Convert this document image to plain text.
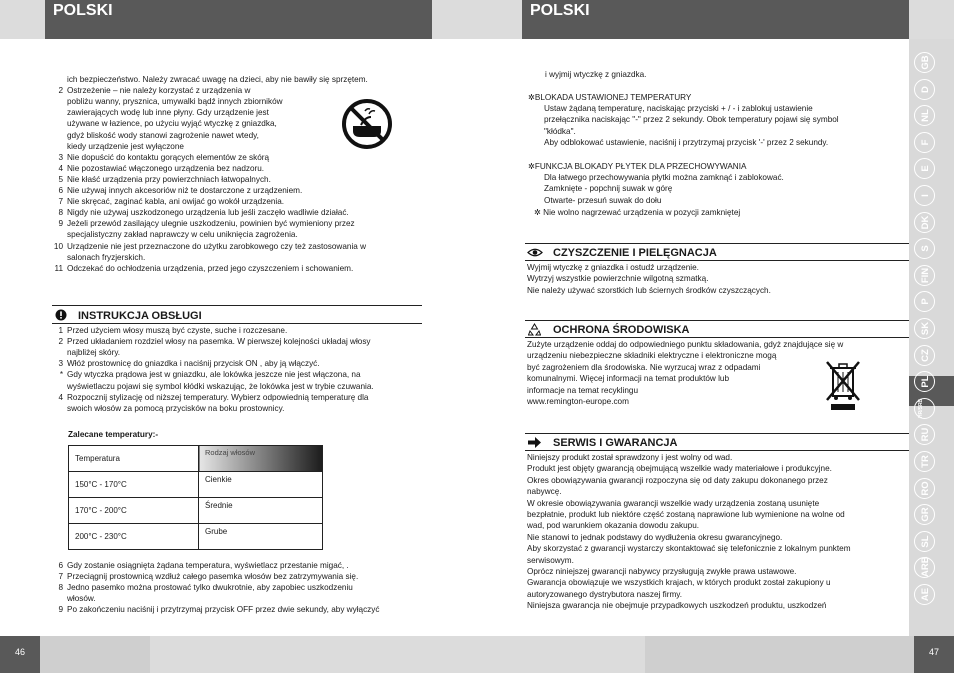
POLSKI	POLSKI
46	47
GB
D
NL
F
E
I
DK
S
FIN
P
SK
CZ
PL
HR/SRB
RU
TR
RO
GR
SL
ARB
AE
ich bezpieczeństwo. Należy zwracać uwagę na dzieci, aby nie bawiły się sprzętem.
2 Ostrzeżenie – nie należy korzystać z urządzenia w
pobliżu wanny, prysznica, umywalki bądź innych zbiorników
zawierających wodę lub inne płyny. Gdy urządzenie jest
używane w łazience, po użyciu wyjąć wtyczkę z gniazdka,
gdyż bliskość wody stanowi zagrożenie nawet wtedy,
kiedy urządzenie jest wyłączone
3 Nie dopuścić do kontaktu gorących elementów ze skórą
4 Nie pozostawiać włączonego urządzenia bez nadzoru.
5 Nie kłaść urządzenia przy powierzchniach łatwopalnych.
6 Nie używaj innych akcesoriów niż te dostarczone z urządzeniem.
7 Nie skręcać, zaginać kabla, ani owijać go wokół urządzenia.
8 Nigdy nie używaj uszkodzonego urządzenia lub jeśli zaczęło wadliwie działać.
9 Jeżeli przewód zasilający ulegnie uszkodzeniu, powinien być wymieniony przez
specjalistyczny zakład naprawczy w celu uniknięcia zagrożenia.
10 Urządzenie nie jest przeznaczone do użytku zarobkowego czy też zastosowania w
salonach fryzjerskich.
11 Odczekać do ochłodzenia urządzenia, przed jego czyszczeniem i schowaniem.
INSTRUKCJA OBSŁUGI
1 Przed użyciem włosy muszą być czyste, suche i rozczesane.
2 Przed układaniem rozdziel włosy na pasemka. W pierwszej kolejności układaj włosy
najbliżej skóry.
3 Włóż prostownicę do gniazdka i naciśnij przycisk ON , aby ją włączyć.
* Gdy wtyczka prądowa jest w gniazdku, ale lokówka jeszcze nie jest włączona, na
wyświetlaczu pojawi się symbol kłódki wskazując, że lokówka jest w trybie czuwania.
4 Rozpocznij stylizację od niższej temperatury. Wybierz odpowiednią temperaturę dla
swoich włosów za pomocą przycisków na boku prostownicy.
Zalecane temperatury:-
Temperatura	Rodzaj włosów
150°C - 170°C	Cienkie
170°C - 200°C	Średnie
200°C - 230°C	Grube
6 Gdy zostanie osiągnięta żądana temperatura, wyświetlacz przestanie migać, .
7 Przeciągnij prostownicą wzdłuż całego pasemka włosów bez zatrzymywania się.
8 Jedno pasemko można prostować tylko dwukrotnie, aby zapobiec uszkodzeniu
włosów.
9 Po zakończeniu naciśnij i przytrzymaj przycisk OFF przez dwie sekundy, aby wyłączyć
i wyjmij wtyczkę z gniazdka.
✲BLOKADA USTAWIONEJ TEMPERATURY
Ustaw żądaną temperaturę, naciskając przyciski + / - i zablokuj ustawienie
przełącznika naciskając "-" przez 2 sekundy. Obok temperatury pojawi się symbol
"kłódka".
Aby odblokować ustawienie, naciśnij i przytrzymaj przycisk '-' przez 2 sekundy.
✲FUNKCJA BLOKADY PŁYTEK DLA PRZECHOWYWANIA
Dla łatwego przechowywania płytki można zamknąć i zablokować.
Zamknięte - popchnij suwak w górę
Otwarte- przesuń suwak do dołu
✲ Nie wolno nagrzewać urządzenia w pozycji zamkniętej
CZYSZCZENIE I PIELĘGNACJA
Wyjmij wtyczkę z gniazdka i ostudź urządzenie.
Wytrzyj wszystkie powierzchnie wilgotną szmatką.
Nie należy używać szorstkich lub ściernych środków czyszczących.
OCHRONA ŚRODOWISKA
Zużyte urządzenie oddaj do odpowiedniego punktu składowania, gdyż znajdujące się w
urządzeniu niebezpieczne składniki elektryczne i elektroniczne mogą
być zagrożeniem dla środowiska. Nie wyrzucaj wraz z odpadami
komunalnymi. Więcej informacji na temat produktów lub
informacje na temat recyklingu
www.remington-europe.com
SERWIS I GWARANCJA
Niniejszy produkt został sprawdzony i jest wolny od wad.
Produkt jest objęty gwarancją obejmującą wszelkie wady materiałowe i produkcyjne.
Okres obowiązywania gwarancji rozpoczyna się od daty zakupu dokonanego przez
nabywcę.
W okresie obowiązywania gwarancji wszelkie wady urządzenia zostaną usunięte
bezpłatnie, produkt lub niektóre część zostaną naprawione lub wymienione na wolne od
wad, pod warunkiem okazania dowodu zakupu.
Nie stanowi to jednak podstawy do wydłużenia okresu gwarancyjnego.
Aby skorzystać z gwarancji wystarczy skontaktować się telefonicznie z lokalnym punktem
serwisowym.
Oprócz niniejszej gwarancji nabywcy przysługują zwykłe prawa ustawowe.
Gwarancja obowiązuje we wszystkich krajach, w których produkt został zakupiony u
autoryzowanego dystrybutora naszej firmy.
Niniejsza gwarancja nie obejmuje przypadkowych uszkodzeń produktu, uszkodzeń
